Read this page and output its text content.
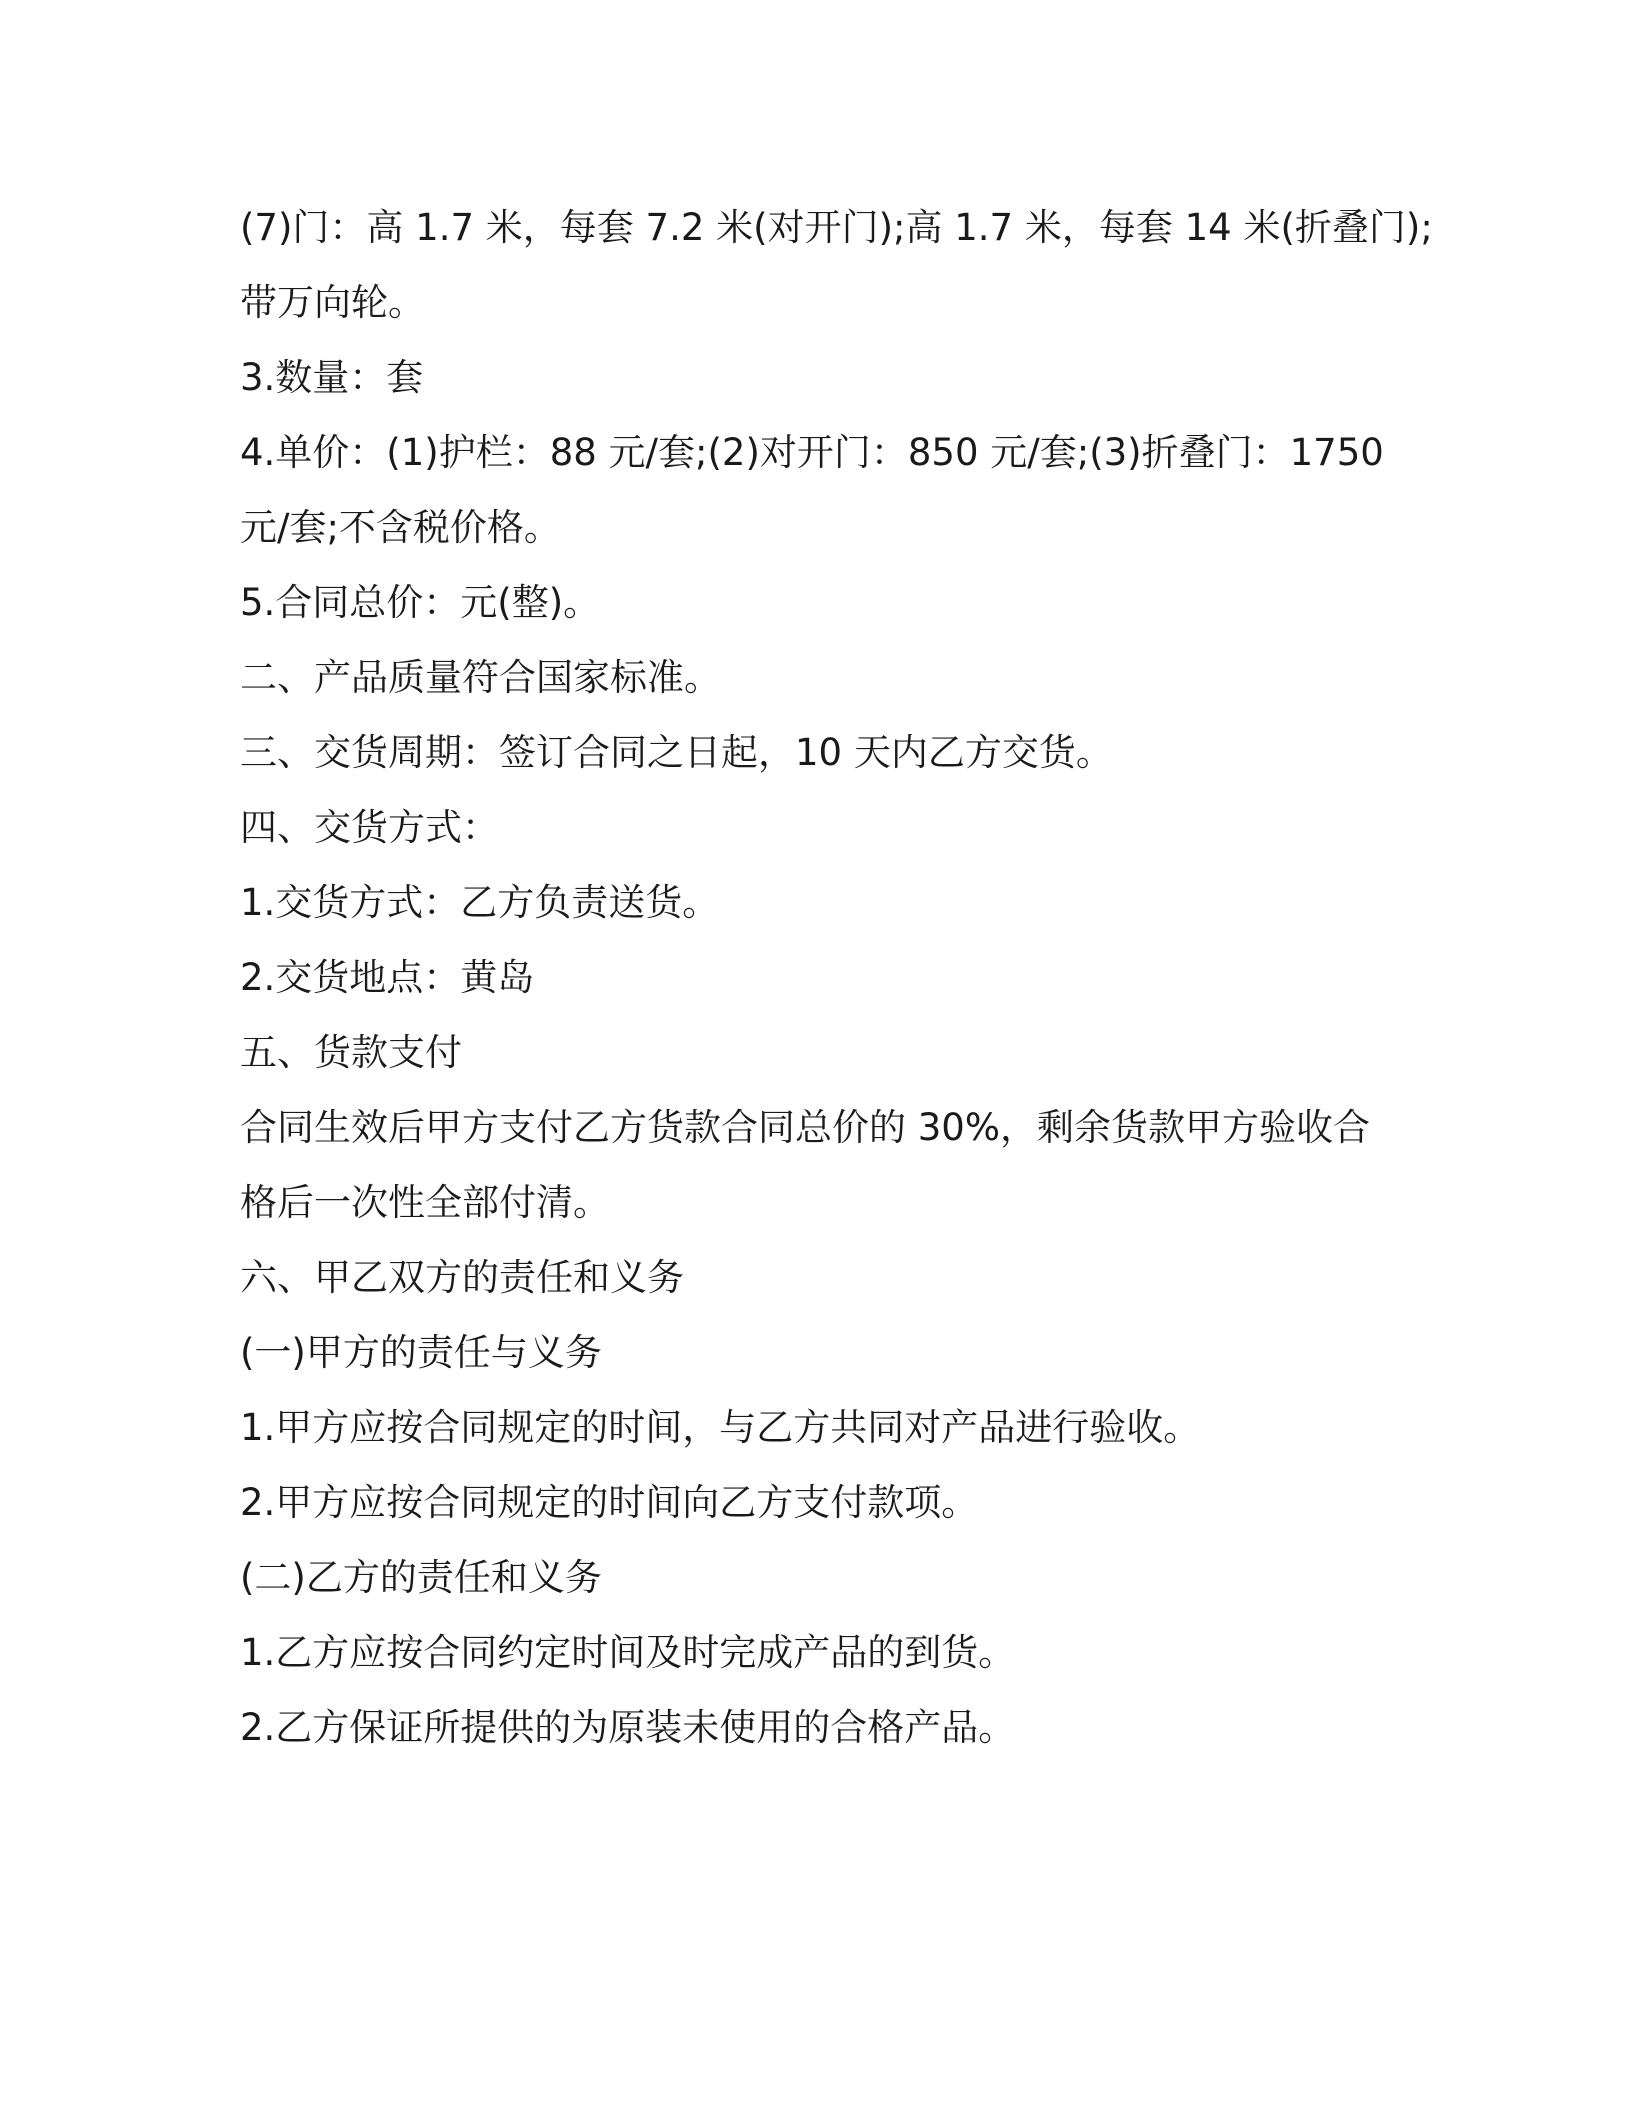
(7)门：高 1.7 米，每套 7.2 米(对开门);高 1.7 米，每套 14 米(折叠门);
带万向轮。
3.数量：套
4.单价：(1)护栏：88 元/套;(2)对开门：850 元/套;(3)折叠门：1750
元/套;不含税价格。
5.合同总价：元(整)。
二、产品质量符合国家标准。
三、交货周期：签订合同之日起，10 天内乙方交货。
四、交货方式：
1.交货方式：乙方负责送货。
2.交货地点：黄岛
五、货款支付
合同生效后甲方支付乙方货款合同总价的 30%，剩余货款甲方验收合
格后一次性全部付清。
六、甲乙双方的责任和义务
(一)甲方的责任与义务
1.甲方应按合同规定的时间，与乙方共同对产品进行验收。
2.甲方应按合同规定的时间向乙方支付款项。
(二)乙方的责任和义务
1.乙方应按合同约定时间及时完成产品的到货。
2.乙方保证所提供的为原装未使用的合格产品。
